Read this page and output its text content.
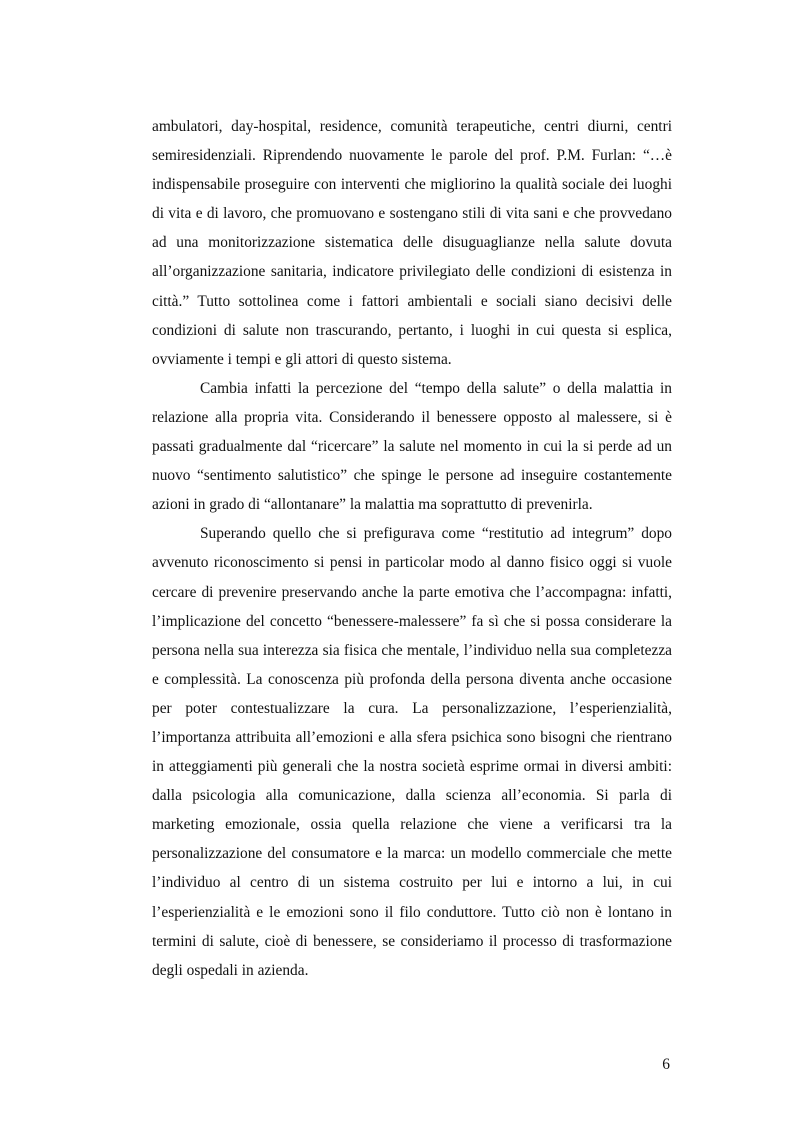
ambulatori, day-hospital, residence, comunità terapeutiche, centri diurni, centri semiresidenziali. Riprendendo nuovamente le parole del prof. P.M. Furlan: “…è indispensabile proseguire con interventi che migliorino la qualità sociale dei luoghi di vita e di lavoro, che promuovano e sostengano stili di vita sani e che provvedano ad una monitorizzazione sistematica delle disuguaglianze nella salute dovuta all’organizzazione sanitaria, indicatore privilegiato delle condizioni di esistenza in città.” Tutto sottolinea come i fattori ambientali e sociali siano decisivi delle condizioni di salute non trascurando, pertanto, i luoghi in cui questa si esplica, ovviamente i tempi e gli attori di questo sistema.

Cambia infatti la percezione del “tempo della salute” o della malattia in relazione alla propria vita. Considerando il benessere opposto al malessere, si è passati gradualmente dal “ricercare” la salute nel momento in cui la si perde ad un nuovo “sentimento salutistico” che spinge le persone ad inseguire costantemente azioni in grado di “allontanare” la malattia ma soprattutto di prevenirla.

Superando quello che si prefigurava come “restitutio ad integrum” dopo avvenuto riconoscimento si pensi in particolar modo al danno fisico oggi si vuole cercare di prevenire preservando anche la parte emotiva che l’accompagna: infatti, l’implicazione del concetto “benessere-malessere” fa sì che si possa considerare la persona nella sua interezza sia fisica che mentale, l’individuo nella sua completezza e complessità. La conoscenza più profonda della persona diventa anche occasione per poter contestualizzare la cura. La personalizzazione, l’esperienzialità, l’importanza attribuita all’emozioni e alla sfera psichica sono bisogni che rientrano in atteggiamenti più generali che la nostra società esprime ormai in diversi ambiti: dalla psicologia alla comunicazione, dalla scienza all’economia. Si parla di marketing emozionale, ossia quella relazione che viene a verificarsi tra la personalizzazione del consumatore e la marca: un modello commerciale che mette l’individuo al centro di un sistema costruito per lui e intorno a lui, in cui l’esperienzialità e le emozioni sono il filo conduttore. Tutto ciò non è lontano in termini di salute, cioè di benessere, se consideriamo il processo di trasformazione degli ospedali in azienda.

6
